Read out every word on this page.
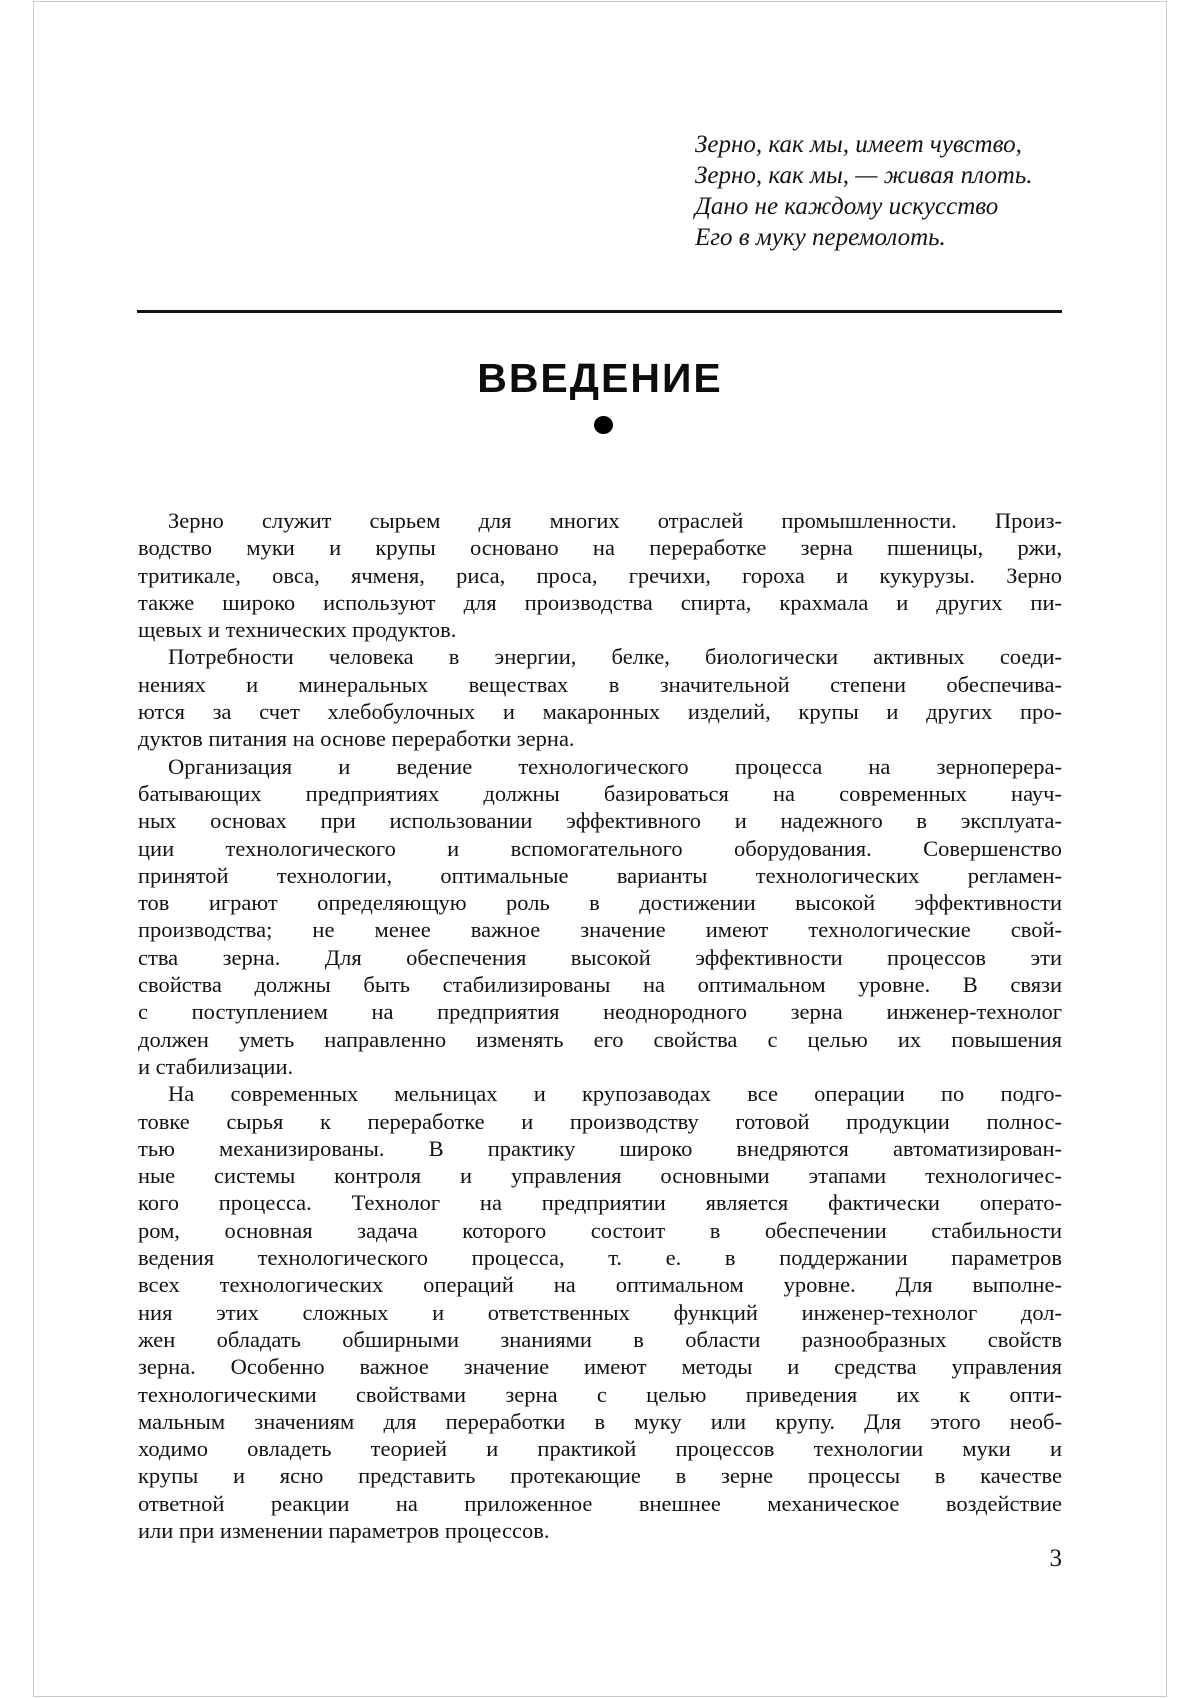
Зерно, как мы, имеет чувство,
Зерно, как мы, — живая плоть.
Дано не каждому искусство
Его в муку перемолоть.
ВВЕДЕНИЕ
Зерно служит сырьем для многих отраслей промышленности. Произ-
водство муки и крупы основано на переработке зерна пшеницы, ржи,
тритикале, овса, ячменя, риса, проса, гречихи, гороха и кукурузы. Зерно
также широко используют для производства спирта, крахмала и других пи-
щевых и технических продуктов.
Потребности человека в энергии, белке, биологически активных соеди-
нениях и минеральных веществах в значительной степени обеспечива-
ются за счет хлебобулочных и макаронных изделий, крупы и других про-
дуктов питания на основе переработки зерна.
Организация и ведение технологического процесса на зерноперера-
батывающих предприятиях должны базироваться на современных науч-
ных основах при использовании эффективного и надежного в эксплуата-
ции технологического и вспомогательного оборудования. Совершенство
принятой технологии, оптимальные варианты технологических регламен-
тов играют определяющую роль в достижении высокой эффективности
производства; не менее важное значение имеют технологические свой-
ства зерна. Для обеспечения высокой эффективности процессов эти
свойства должны быть стабилизированы на оптимальном уровне. В связи
с поступлением на предприятия неоднородного зерна инженер-технолог
должен уметь направленно изменять его свойства с целью их повышения
и стабилизации.
На современных мельницах и крупозаводах все операции по подго-
товке сырья к переработке и производству готовой продукции полнос-
тью механизированы. В практику широко внедряются автоматизирован-
ные системы контроля и управления основными этапами технологичес-
кого процесса. Технолог на предприятии является фактически операто-
ром, основная задача которого состоит в обеспечении стабильности
ведения технологического процесса, т. е. в поддержании параметров
всех технологических операций на оптимальном уровне. Для выполне-
ния этих сложных и ответственных функций инженер-технолог дол-
жен обладать обширными знаниями в области разнообразных свойств
зерна. Особенно важное значение имеют методы и средства управления
технологическими свойствами зерна с целью приведения их к опти-
мальным значениям для переработки в муку или крупу. Для этого необ-
ходимо овладеть теорией и практикой процессов технологии муки и
крупы и ясно представить протекающие в зерне процессы в качестве
ответной реакции на приложенное внешнее механическое воздействие
или при изменении параметров процессов.
3
